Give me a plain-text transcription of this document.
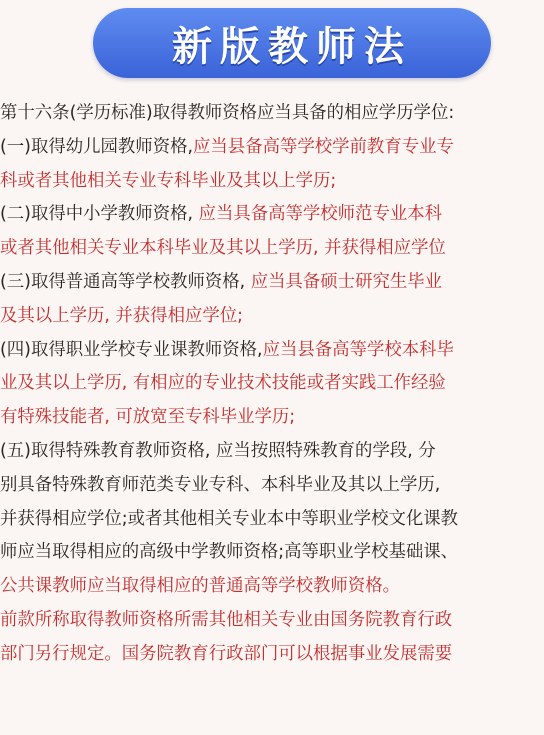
新版教师法
第十六条(学历标准)取得教师资格应当具备的相应学历学位:
(一)取得幼儿园教师资格,应当县备高等学校学前教育专业专
科或者其他相关专业专科毕业及其以上学历;
(二)取得中小学教师资格, 应当具备高等学校师范专业本科
或者其他相关专业本科毕业及其以上学历, 并获得相应学位
(三)取得普通高等学校教师资格, 应当具备硕士研究生毕业
及其以上学历, 并获得相应学位;
(四)取得职业学校专业课教师资格,应当县备高等学校本科毕
业及其以上学历, 有相应的专业技术技能或者实践工作经验
有特殊技能者, 可放宽至专科毕业学历;
(五)取得特殊教育教师资格, 应当按照特殊教育的学段, 分
别具备特殊教育师范类专业专科、本科毕业及其以上学历,
并获得相应学位;或者其他相关专业本中等职业学校文化课教
师应当取得相应的高级中学教师资格;高等职业学校基础课、
公共课教师应当取得相应的普通高等学校教师资格。
前款所称取得教师资格所需其他相关专业由国务院教育行政
部门另行规定。国务院教育行政部门可以根据事业发展需要
